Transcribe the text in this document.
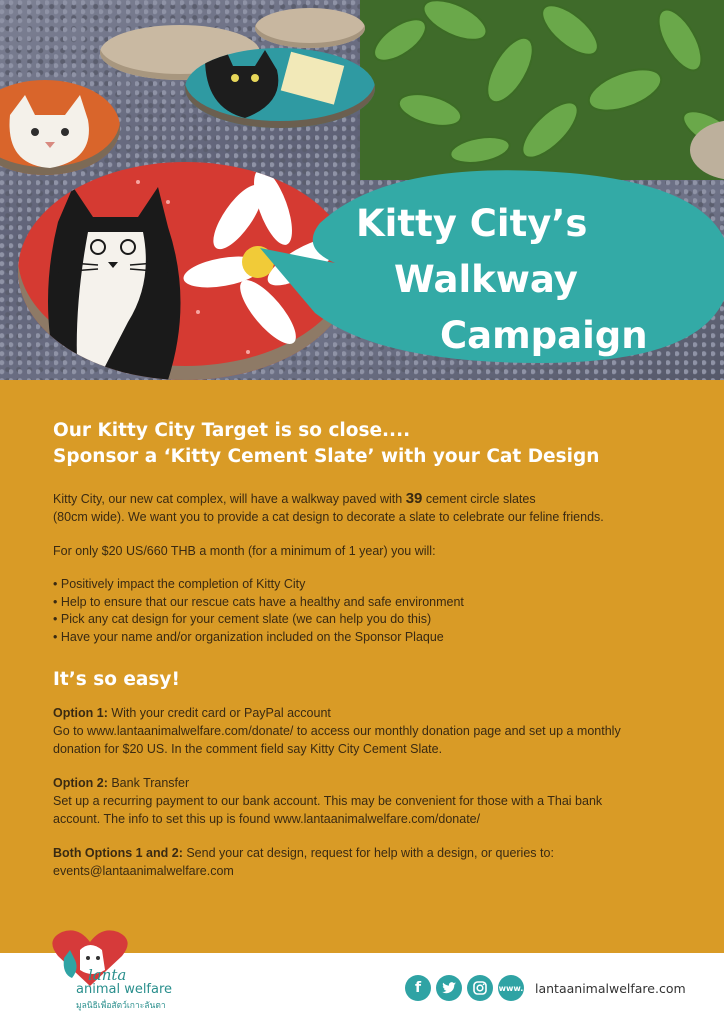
Kitty City’s
Walkway
Campaign
Our Kitty City Target is so close....
Sponsor a ‘Kitty Cement Slate’ with your Cat Design

Kitty City, our new cat complex, will have a walkway paved with 39 cement circle slates
(80cm wide). We want you to provide a cat design to decorate a slate to celebrate our feline friends.

For only $20 US/660 THB a month (for a minimum of 1 year) you will:

• Positively impact the completion of Kitty City
• Help to ensure that our rescue cats have a healthy and safe environment
• Pick any cat design for your cement slate (we can help you do this)
• Have your name and/or organization included on the Sponsor Plaque
It’s so easy!
Option 1: With your credit card or PayPal account
Go to www.lantaanimalwelfare.com/donate/ to access our monthly donation page and set up a monthly
donation for $20 US. In the comment field say Kitty City Cement Slate.
Option 2: Bank Transfer
Set up a recurring payment to our bank account. This may be convenient for those with a Thai bank
account. The info to set this up is found www.lantaanimalwelfare.com/donate/
Both Options 1 and 2: Send your cat design, request for help with a design, or queries to:
events@lantaanimalwelfare.com
lanta
animal welfare
มูลนิธิเพื่อสัตว์เกาะลันตา
f	www. lantaanimalwelfare.com
